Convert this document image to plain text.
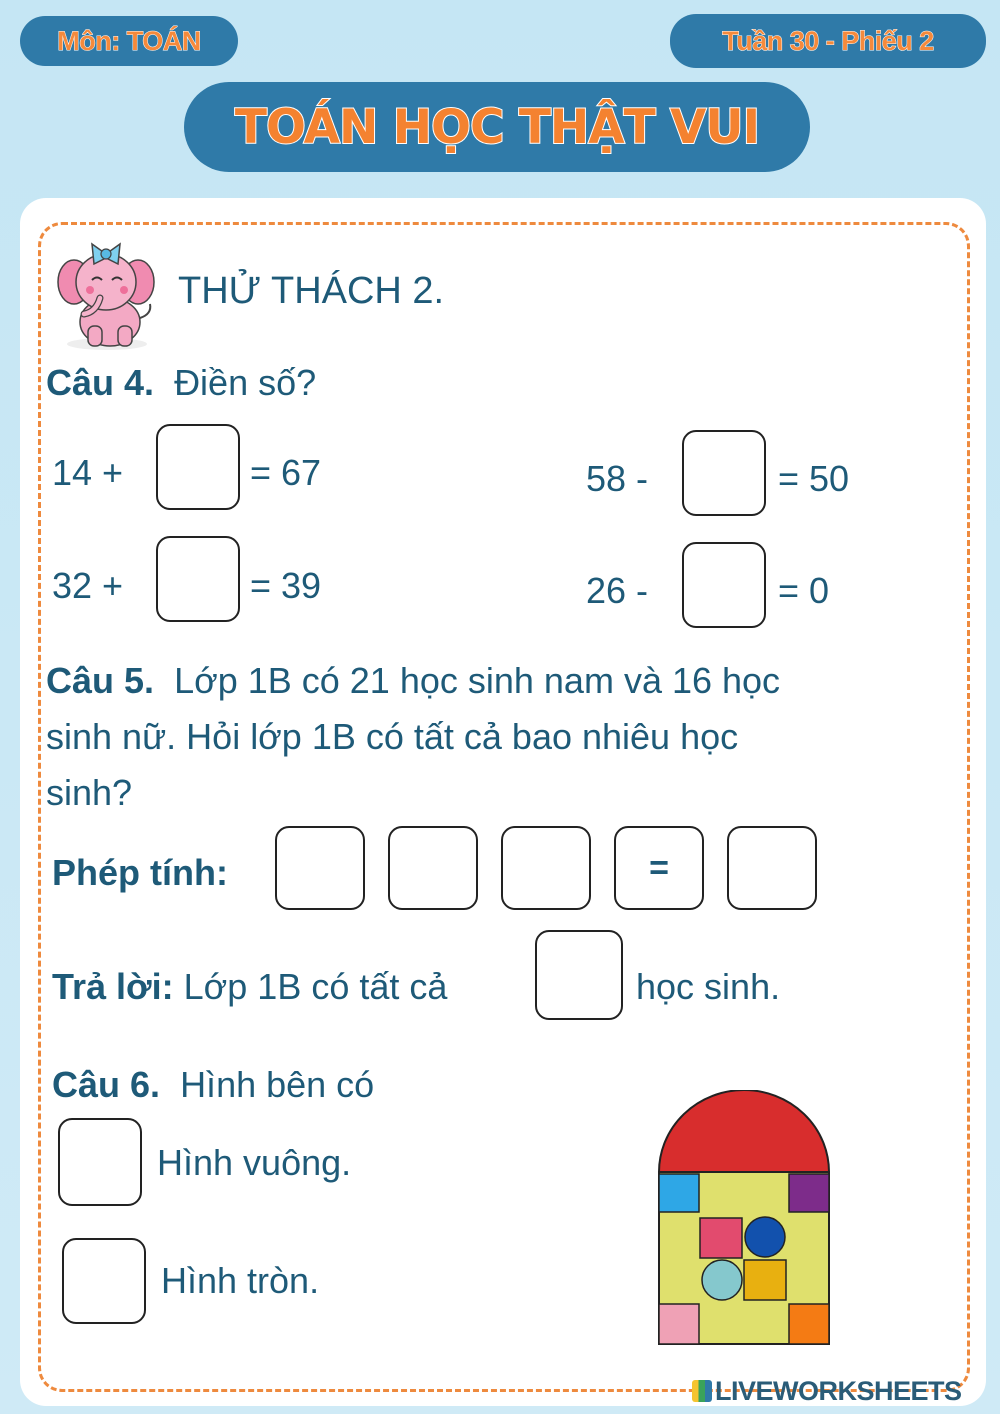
Môn: TOÁN	Tuần 30 - Phiếu 2
TOÁN HỌC THẬT VUI
THỬ THÁCH 2.
Câu 4. Điền số?
14 +	= 67
32 +	= 39
58 -	= 50
26 -	= 0
Câu 5. Lớp 1B có 21 học sinh nam và 16 học
sinh nữ. Hỏi lớp 1B có tất cả bao nhiêu học
sinh?
Phép tính:	=
Trả lời: Lớp 1B có tất cả	học sinh.
Câu 6. Hình bên có
Hình vuông.
Hình tròn.
LIVEWORKSHEETS
